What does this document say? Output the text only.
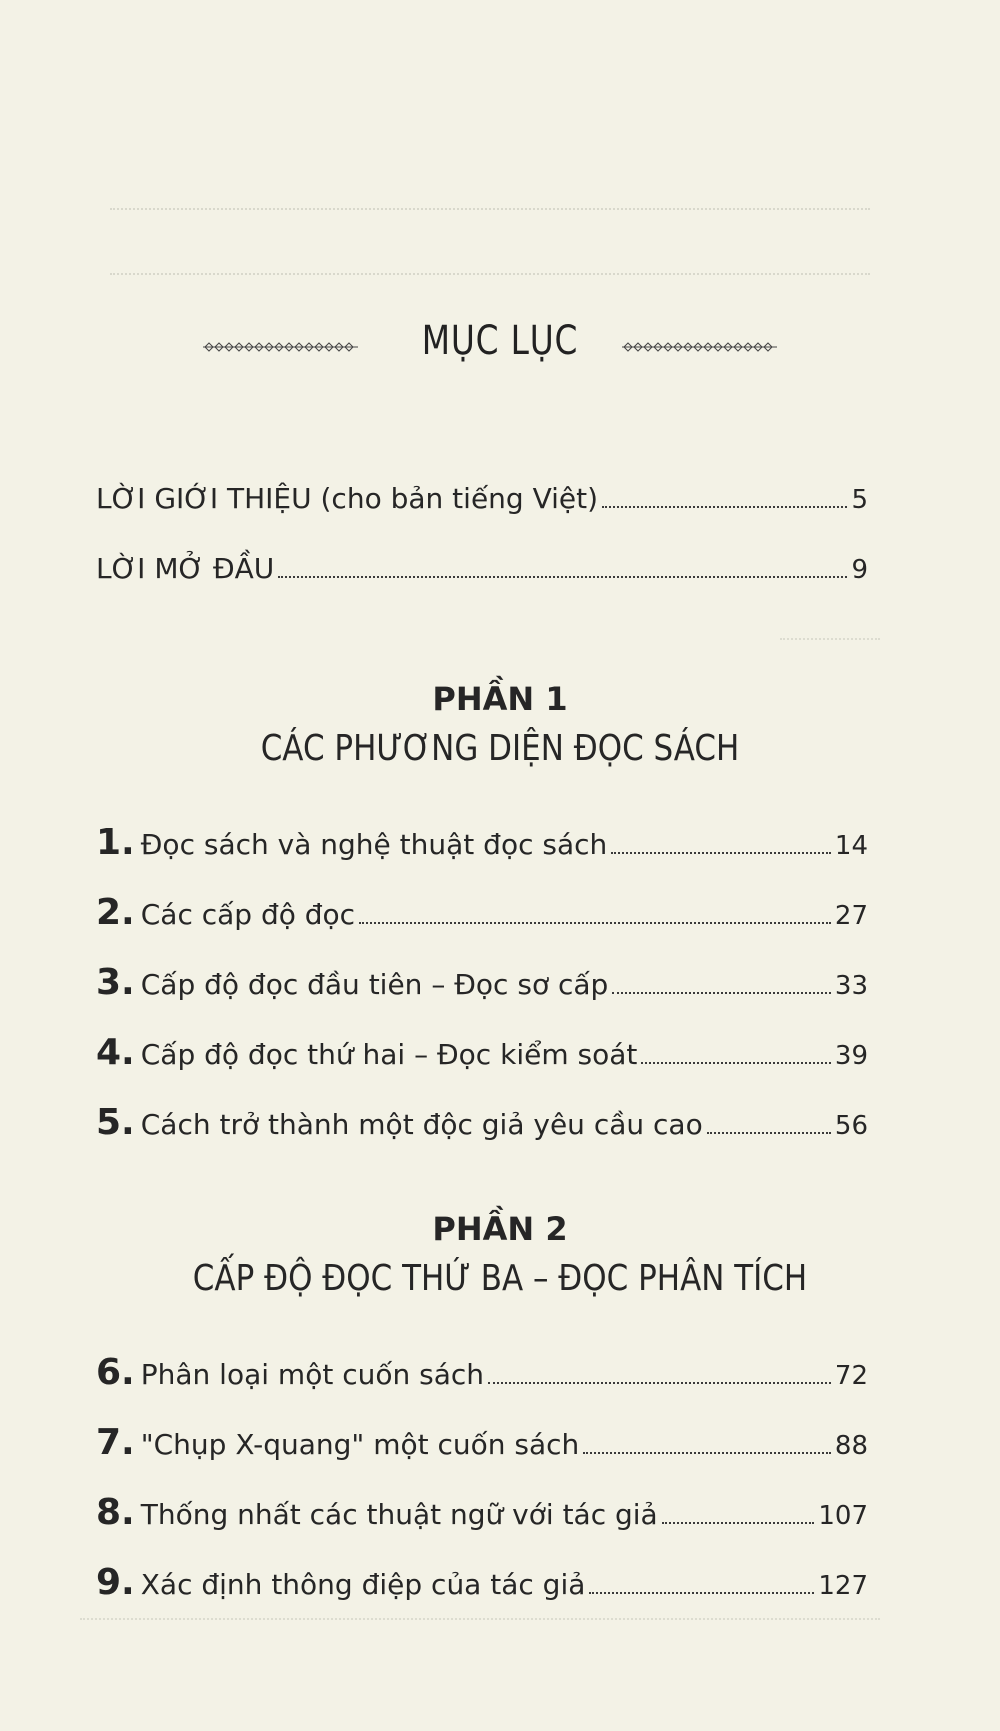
MỤC LỤC
LỜI GIỚI THIỆU (cho bản tiếng Việt)	5
LỜI MỞ ĐẦU	9
PHẦN 1
CÁC PHƯƠNG DIỆN ĐỌC SÁCH
1. Đọc sách và nghệ thuật đọc sách	14
2. Các cấp độ đọc	27
3. Cấp độ đọc đầu tiên – Đọc sơ cấp	33
4. Cấp độ đọc thứ hai – Đọc kiểm soát	39
5. Cách trở thành một độc giả yêu cầu cao	56
PHẦN 2
CẤP ĐỘ ĐỌC THỨ BA – ĐỌC PHÂN TÍCH
6. Phân loại một cuốn sách	72
7. "Chụp X-quang" một cuốn sách	88
8. Thống nhất các thuật ngữ với tác giả	107
9. Xác định thông điệp của tác giả	127
